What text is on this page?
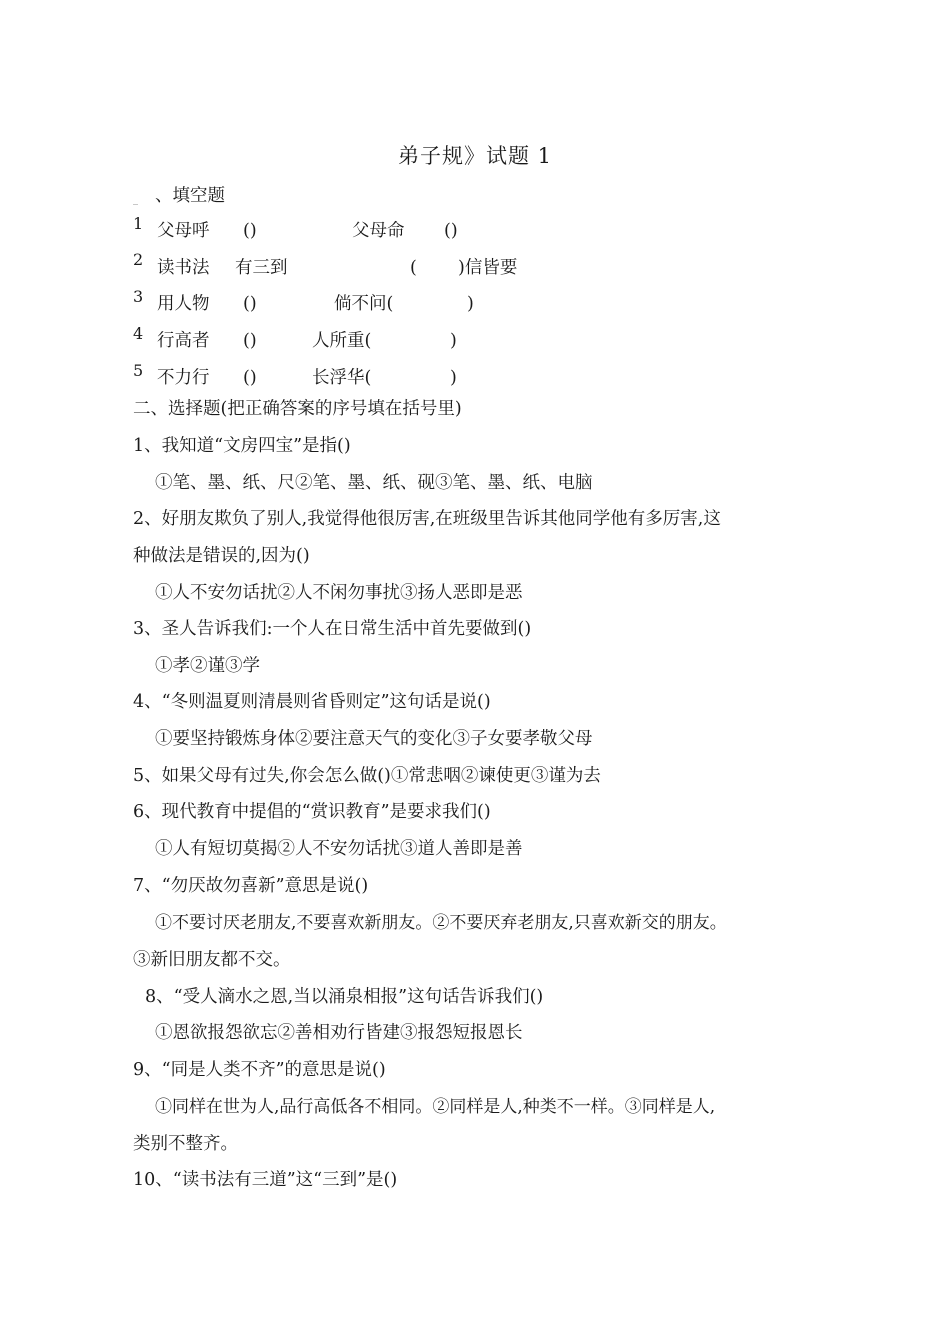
弟子规》试题 1
_ 、填空题
1 父母呼 ()	父母命 ()
2 读书法 有三到	( )信皆要
3 用人物 ()	倘不问(	)
4 行高者 ()	人所重(	)
5 不力行 ()	长浮华(	)
二、选择题(把正确答案的序号填在括号里)
1、我知道“文房四宝”是指()
①笔、墨、纸、尺②笔、墨、纸、砚③笔、墨、纸、电脑
2、好朋友欺负了别人,我觉得他很厉害,在班级里告诉其他同学他有多厉害,这
种做法是错误的,因为()
①人不安勿话扰②人不闲勿事扰③扬人恶即是恶
3、圣人告诉我们:一个人在日常生活中首先要做到()
①孝②谨③学
4、“冬则温夏则清晨则省昏则定”这句话是说()
①要坚持锻炼身体②要注意天气的变化③子女要孝敬父母
5、如果父母有过失,你会怎么做()①常悲咽②谏使更③谨为去
6、现代教育中提倡的“赏识教育”是要求我们()
①人有短切莫揭②人不安勿话扰③道人善即是善
7、“勿厌故勿喜新”意思是说()
①不要讨厌老朋友,不要喜欢新朋友。②不要厌弃老朋友,只喜欢新交的朋友。
③新旧朋友都不交。
8、“受人滴水之恩,当以涌泉相报”这句话告诉我们()
①恩欲报怨欲忘②善相劝行皆建③报怨短报恩长
9、“同是人类不齐”的意思是说()
①同样在世为人,品行高低各不相同。②同样是人,种类不一样。③同样是人,
类别不整齐。
10、“读书法有三道”这“三到”是()
